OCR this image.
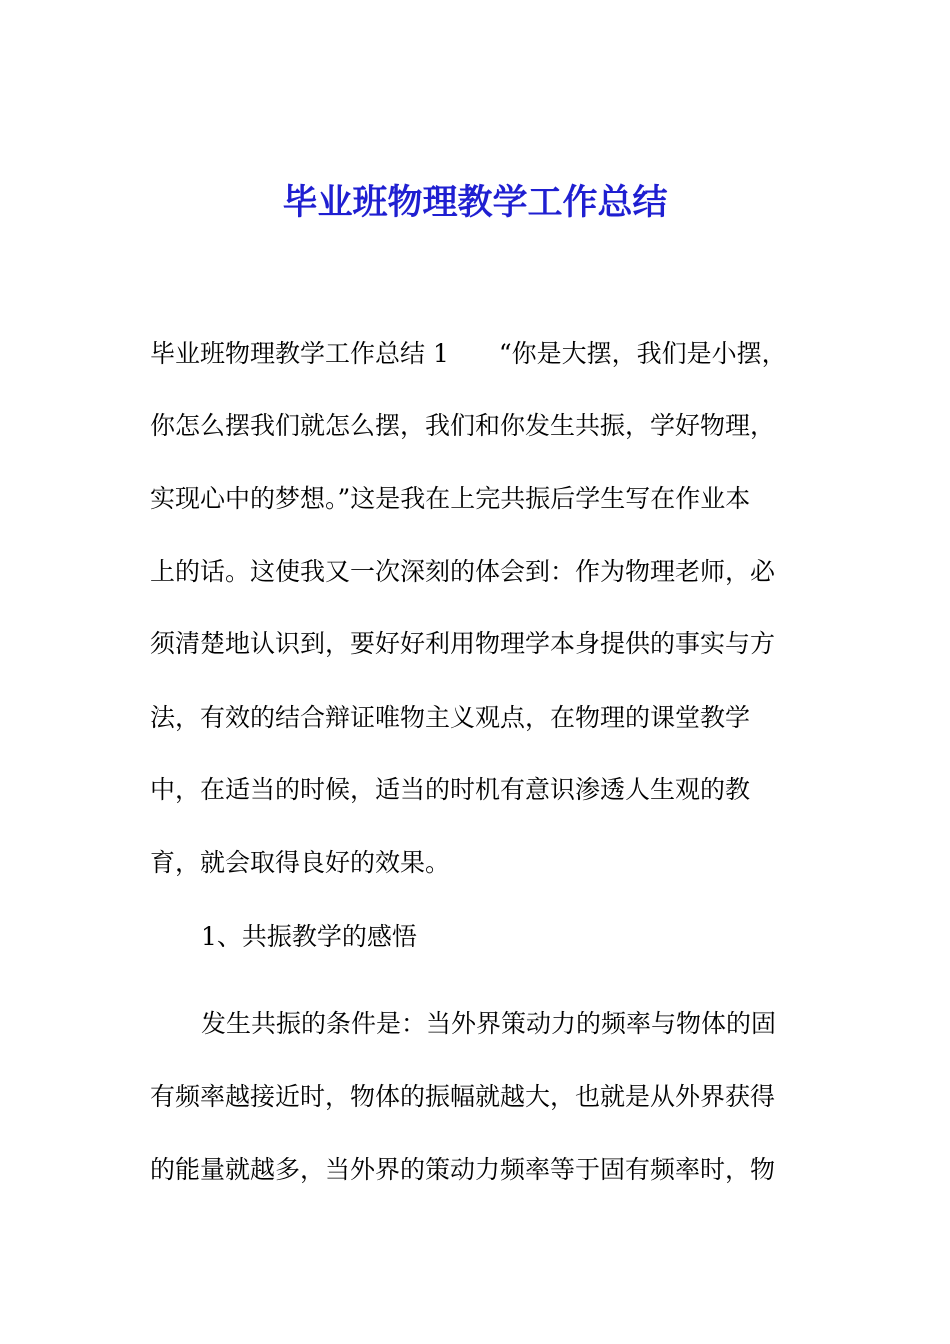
毕业班物理教学工作总结

毕业班物理教学工作总结 1　　“你是大摆，我们是小摆，

你怎么摆我们就怎么摆，我们和你发生共振，学好物理，

实现心中的梦想。”这是我在上完共振后学生写在作业本

上的话。这使我又一次深刻的体会到：作为物理老师，必

须清楚地认识到，要好好利用物理学本身提供的事实与方

法，有效的结合辩证唯物主义观点，在物理的课堂教学

中，在适当的时候，适当的时机有意识渗透人生观的教

育，就会取得良好的效果。

1、共振教学的感悟

发生共振的条件是：当外界策动力的频率与物体的固

有频率越接近时，物体的振幅就越大，也就是从外界获得

的能量就越多，当外界的策动力频率等于固有频率时，物
